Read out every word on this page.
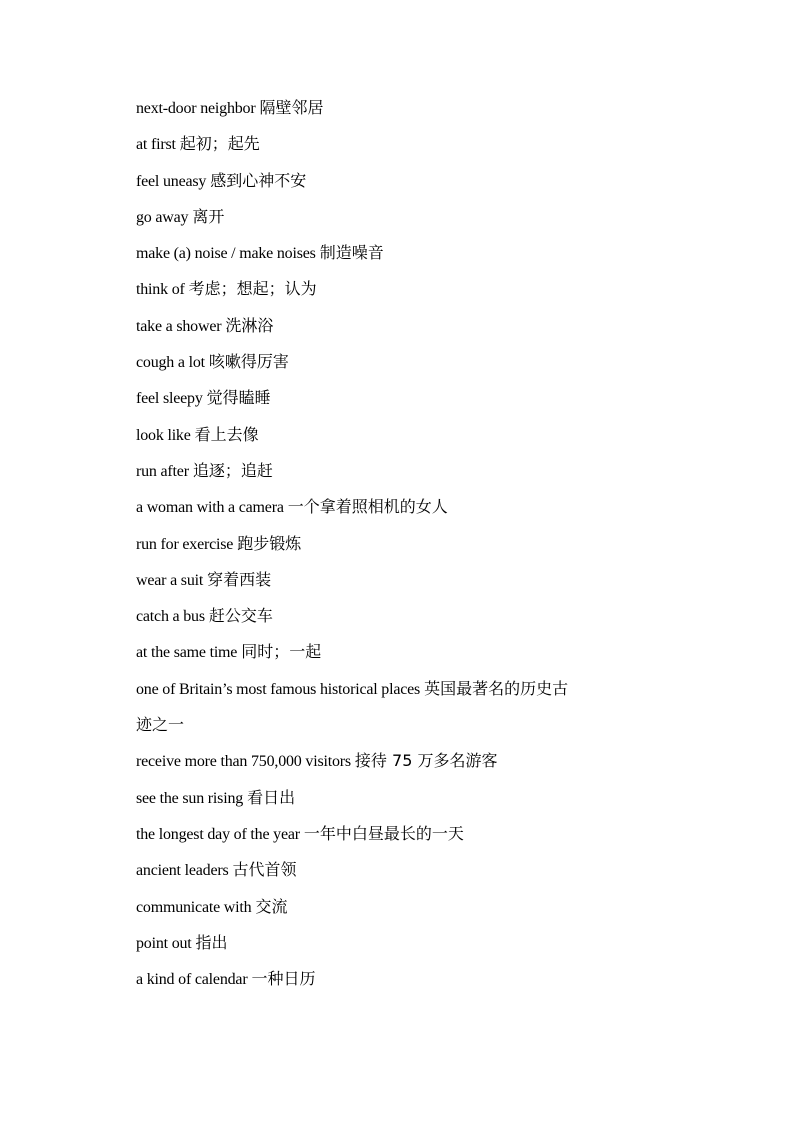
next-door neighbor 隔壁邻居
at first 起初；起先
feel uneasy 感到心神不安
go away 离开
make (a) noise / make noises 制造噪音
think of 考虑；想起；认为
take a shower 洗淋浴
cough a lot 咳嗽得厉害
feel sleepy 觉得瞌睡
look like 看上去像
run after 追逐；追赶
a woman with a camera 一个拿着照相机的女人
run for exercise 跑步锻炼
wear a suit 穿着西装
catch a bus 赶公交车
at the same time 同时；一起
one of Britain’s most famous historical places 英国最著名的历史古
迹之一
receive more than 750,000 visitors 接待 75 万多名游客
see the sun rising 看日出
the longest day of the year 一年中白昼最长的一天
ancient leaders 古代首领
communicate with 交流
point out 指出
a kind of calendar 一种日历
